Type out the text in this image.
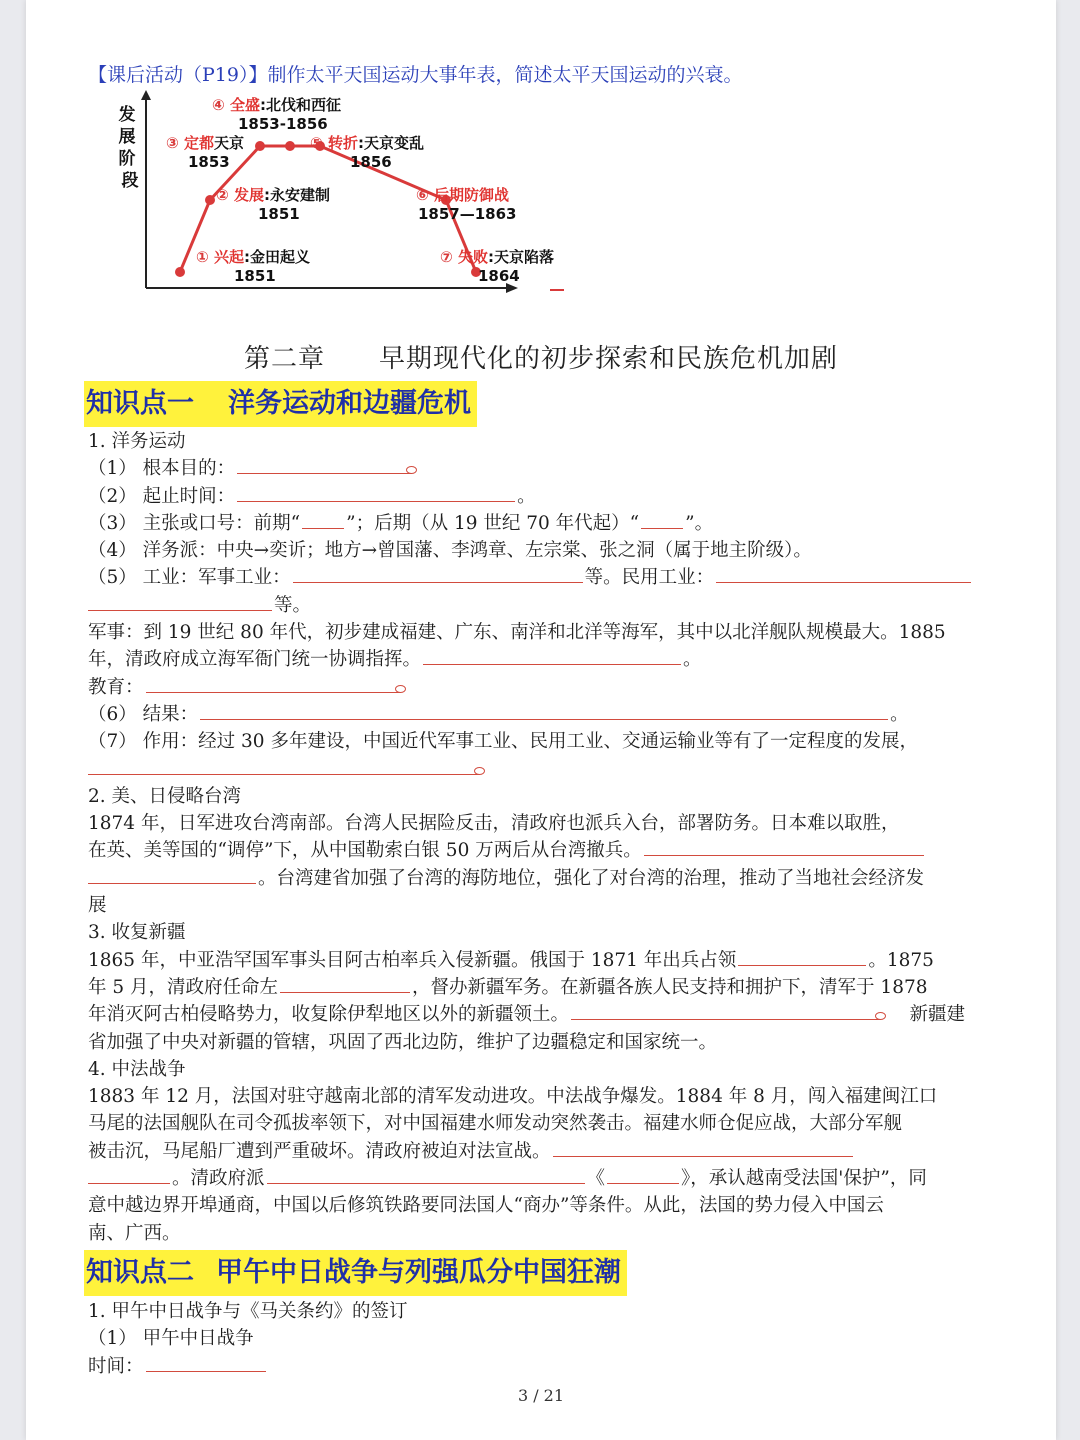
【课后活动（P19）】制作太平天国运动大事年表，简述太平天国运动的兴衰。
发 展 阶 段
① 兴起:金田起义
1851
② 发展:永安建制
1851
③ 定都天京
1853
④ 全盛:北伐和西征
1853-1856
⑤ 转折:天京变乱
1856
⑥ 后期防御战
1857—1863
⑦ 失败:天京陷落
1864
第二章　　早期现代化的初步探索和民族危机加剧
知识点一 洋务运动和边疆危机
1. 洋务运动
（1） 根本目的：
（2） 起止时间：	。
（3） 主张或口号：前期“ ”；后期（从 19 世纪 70 年代起）“ ”。
（4） 洋务派：中央→奕䜣；地方→曾国藩、李鸿章、左宗棠、张之洞（属于地主阶级）。
（5） 工业：军事工业：	等。民用工业：
等。
军事：到 19 世纪 80 年代，初步建成福建、广东、南洋和北洋等海军，其中以北洋舰队规模最大。1885
年，清政府成立海军衙门统一协调指挥。	。
教育：
（6） 结果：	。
（7） 作用：经过 30 多年建设，中国近代军事工业、民用工业、交通运输业等有了一定程度的发展，
2. 美、日侵略台湾
1874 年，日军进攻台湾南部。台湾人民据险反击，清政府也派兵入台，部署防务。日本难以取胜，
在英、美等国的“调停”下，从中国勒索白银 50 万两后从台湾撤兵。
。台湾建省加强了台湾的海防地位，强化了对台湾的治理，推动了当地社会经济发
展
3. 收复新疆
1865 年，中亚浩罕国军事头目阿古柏率兵入侵新疆。俄国于 1871 年出兵占领	。1875
年 5 月，清政府任命左	，督办新疆军务。在新疆各族人民支持和拥护下，清军于 1878
年消灭阿古柏侵略势力，收复除伊犁地区以外的新疆领土。	新疆建
省加强了中央对新疆的管辖，巩固了西北边防，维护了边疆稳定和国家统一。
4. 中法战争
1883 年 12 月，法国对驻守越南北部的清军发动进攻。中法战争爆发。1884 年 8 月，闯入福建闽江口
马尾的法国舰队在司令孤拔率领下，对中国福建水师发动突然袭击。福建水师仓促应战，大部分军舰
被击沉，马尾船厂遭到严重破坏。清政府被迫对法宣战。
。清政府派	《	》，承认越南受法国'保护”，同
意中越边界开埠通商，中国以后修筑铁路要同法国人“商办”等条件。从此，法国的势力侵入中国云
南、广西。
知识点二 甲午中日战争与列强瓜分中国狂潮
1. 甲午中日战争与《马关条约》的签订
（1） 甲午中日战争
时间：
3 / 21
